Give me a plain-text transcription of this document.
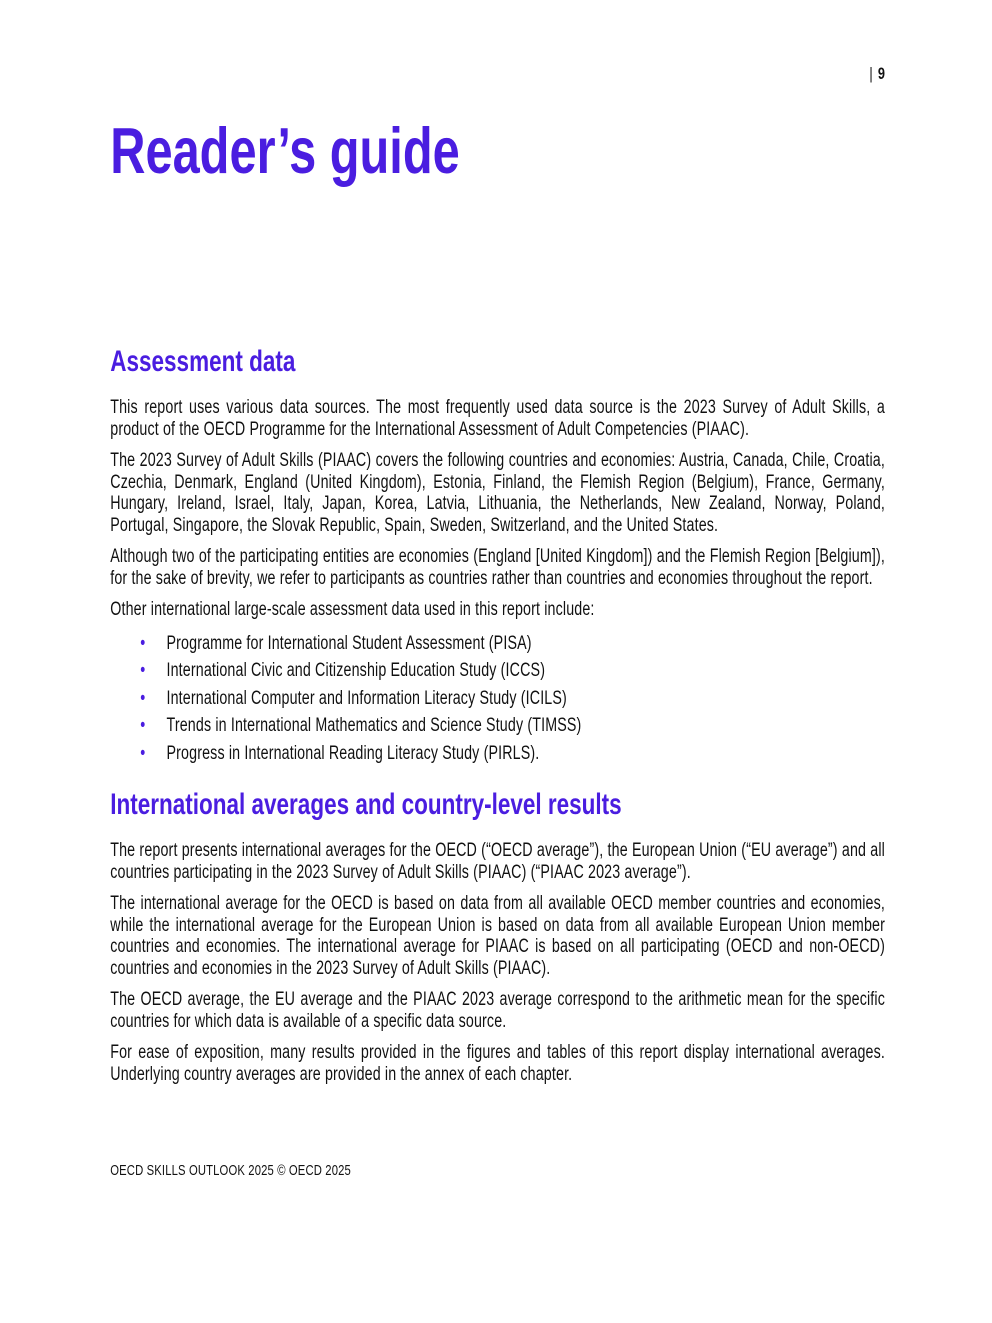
| 9
Reader’s guide
Assessment data

This report uses various data sources. The most frequently used data source is the 2023 Survey of Adult Skills, a product of the OECD Programme for the International Assessment of Adult Competencies (PIAAC).

The 2023 Survey of Adult Skills (PIAAC) covers the following countries and economies: Austria, Canada, Chile, Croatia, Czechia, Denmark, England (United Kingdom), Estonia, Finland, the Flemish Region (Belgium), France, Germany, Hungary, Ireland, Israel, Italy, Japan, Korea, Latvia, Lithuania, the Netherlands, New Zealand, Norway, Poland, Portugal, Singapore, the Slovak Republic, Spain, Sweden, Switzerland, and the United States.

Although two of the participating entities are economies (England [United Kingdom]) and the Flemish Region [Belgium]), for the sake of brevity, we refer to participants as countries rather than countries and economies throughout the report.

Other international large-scale assessment data used in this report include:

• Programme for International Student Assessment (PISA)
• International Civic and Citizenship Education Study (ICCS)
• International Computer and Information Literacy Study (ICILS)
• Trends in International Mathematics and Science Study (TIMSS)
• Progress in International Reading Literacy Study (PIRLS).
International averages and country-level results

The report presents international averages for the OECD (“OECD average”), the European Union (“EU average”) and all countries participating in the 2023 Survey of Adult Skills (PIAAC) (“PIAAC 2023 average”).

The international average for the OECD is based on data from all available OECD member countries and economies, while the international average for the European Union is based on data from all available European Union member countries and economies. The international average for PIAAC is based on all participating (OECD and non-OECD) countries and economies in the 2023 Survey of Adult Skills (PIAAC).

The OECD average, the EU average and the PIAAC 2023 average correspond to the arithmetic mean for the specific countries for which data is available of a specific data source.

For ease of exposition, many results provided in the figures and tables of this report display international averages. Underlying country averages are provided in the annex of each chapter.

OECD SKILLS OUTLOOK 2025 © OECD 2025
